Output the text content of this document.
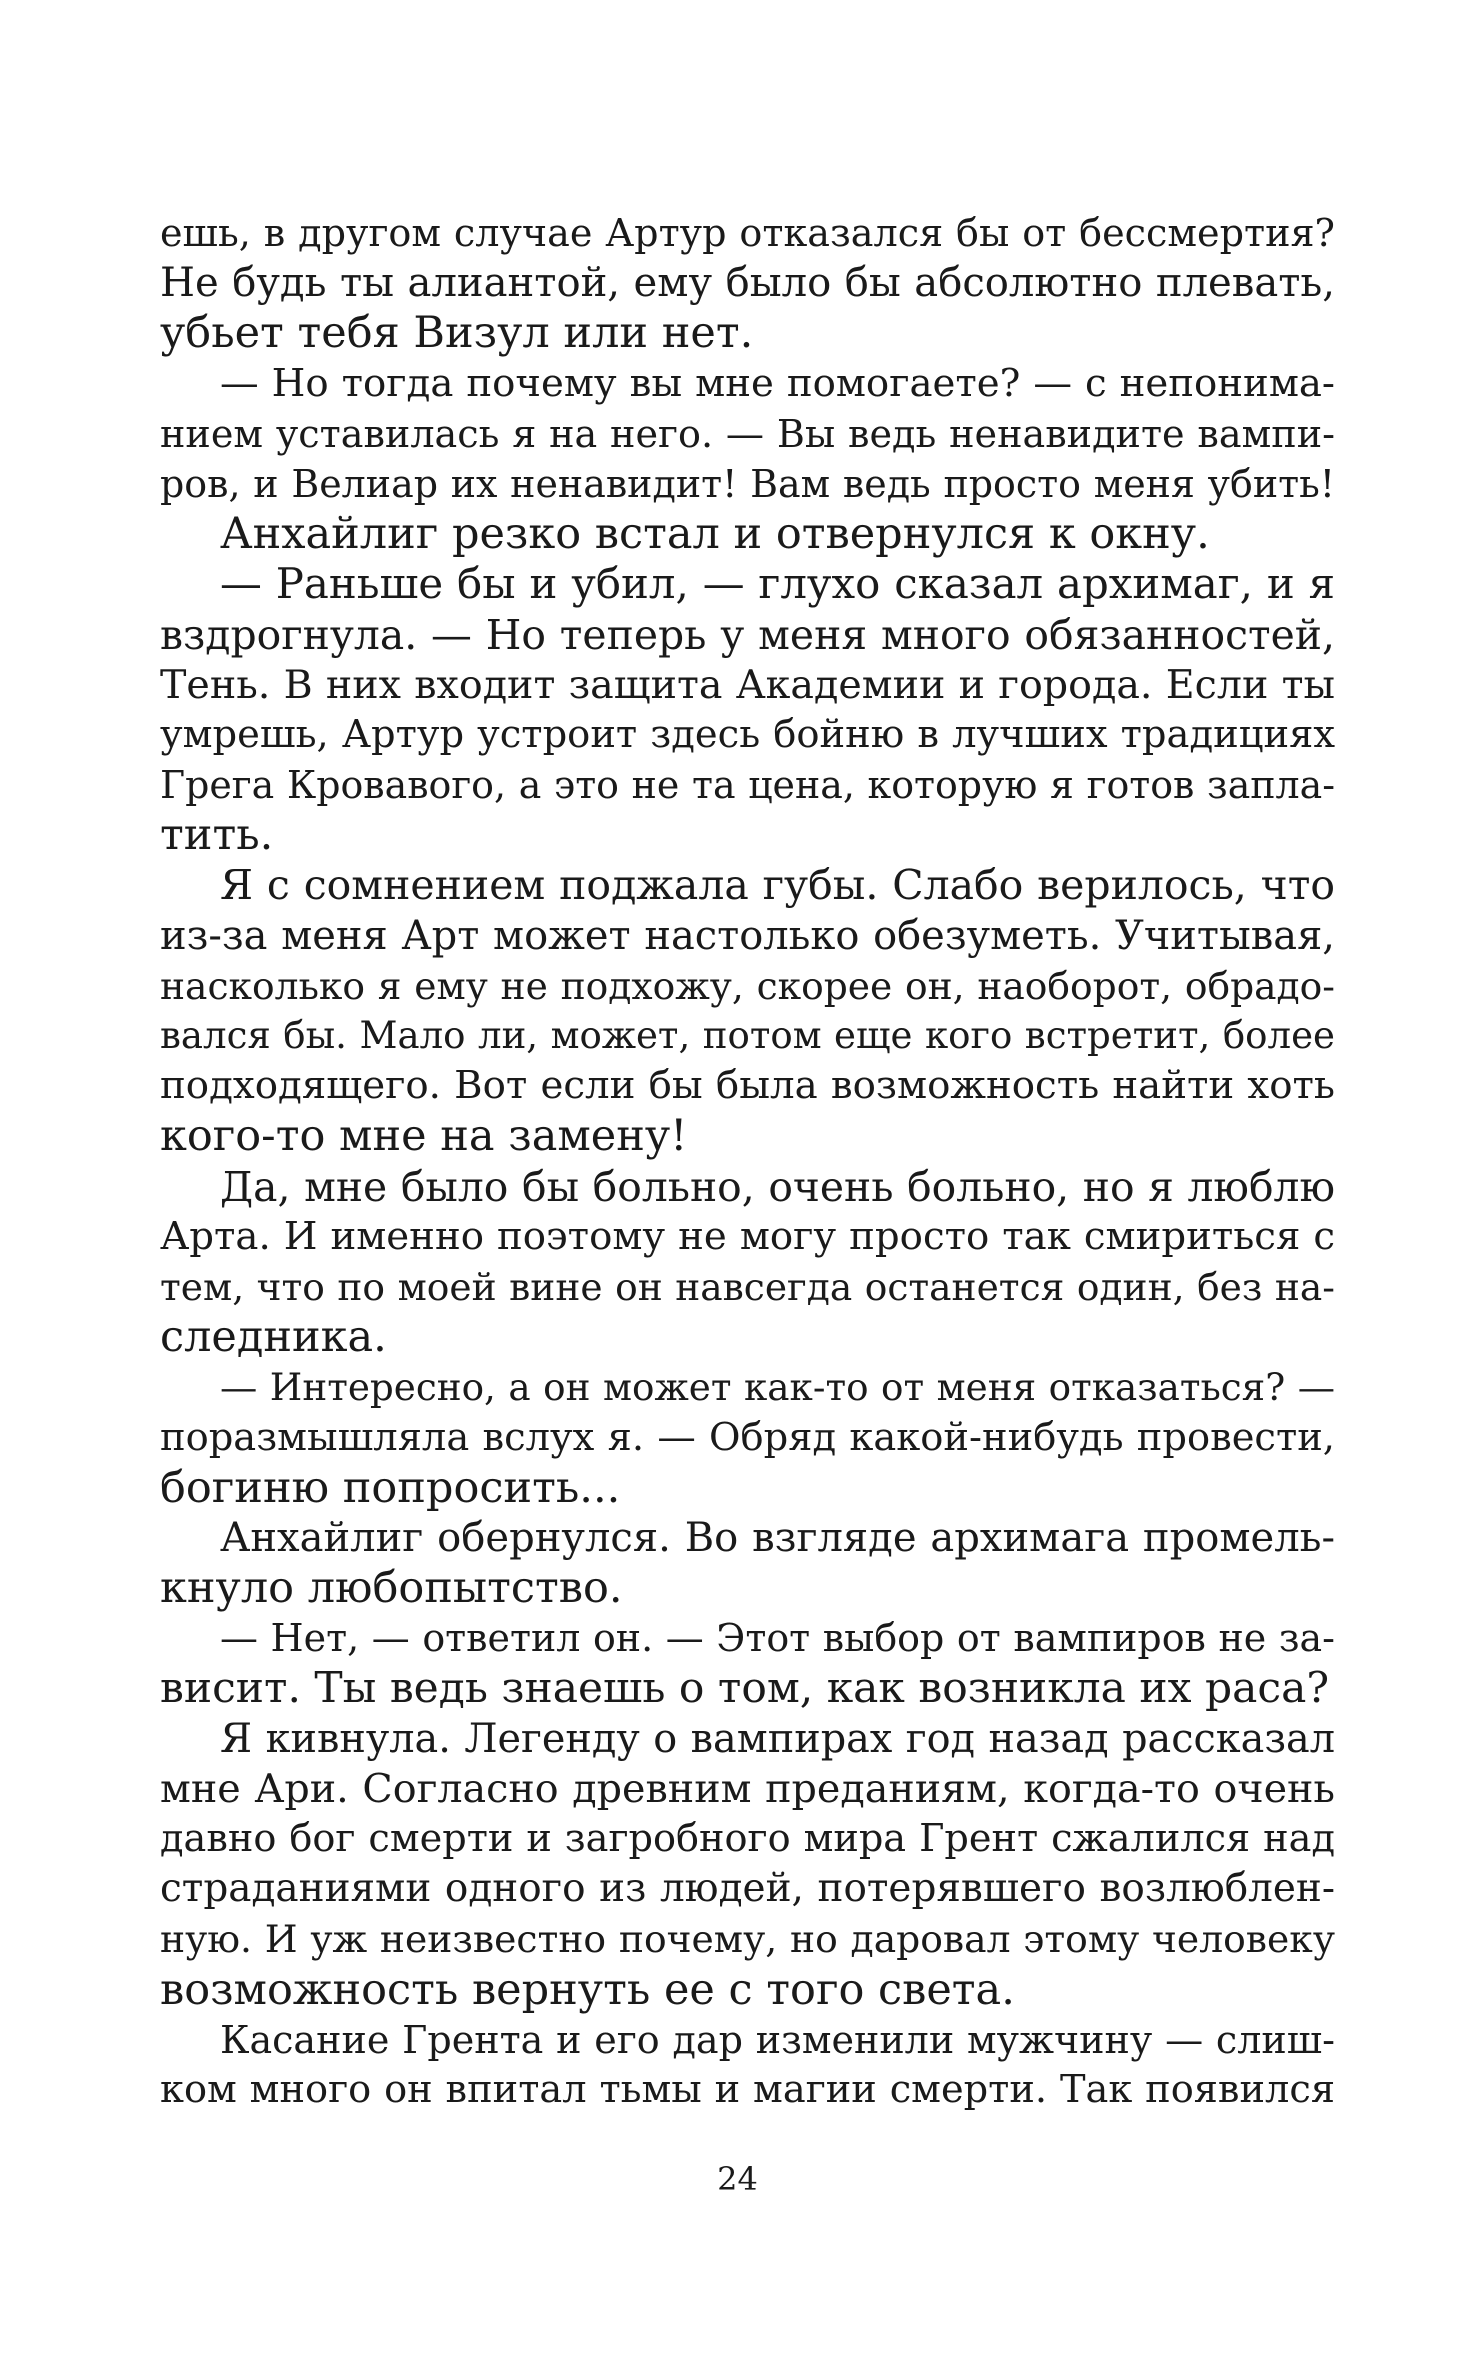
ешь, в другом случае Артур отказался бы от бессмертия?
Не будь ты алиантой, ему было бы абсолютно плевать,
убьет тебя Визул или нет.
— Но тогда почему вы мне помогаете? — с непонима-
нием уставилась я на него. — Вы ведь ненавидите вампи-
ров, и Велиар их ненавидит! Вам ведь просто меня убить!
Анхайлиг резко встал и отвернулся к окну.
— Раньше бы и убил, — глухо сказал архимаг, и я
вздрогнула. — Но теперь у меня много обязанностей,
Тень. В них входит защита Академии и города. Если ты
умрешь, Артур устроит здесь бойню в лучших традициях
Грега Кровавого, а это не та цена, которую я готов запла-
тить.
Я с сомнением поджала губы. Слабо верилось, что
из-за меня Арт может настолько обезуметь. Учитывая,
насколько я ему не подхожу, скорее он, наоборот, обрадо-
вался бы. Мало ли, может, потом еще кого встретит, более
подходящего. Вот если бы была возможность найти хоть
кого-то мне на замену!
Да, мне было бы больно, очень больно, но я люблю
Арта. И именно поэтому не могу просто так смириться с
тем, что по моей вине он навсегда останется один, без на-
следника.
— Интересно, а он может как-то от меня отказаться? —
поразмышляла вслух я. — Обряд какой-нибудь провести,
богиню попросить...
Анхайлиг обернулся. Во взгляде архимага промель-
кнуло любопытство.
— Нет, — ответил он. — Этот выбор от вампиров не за-
висит. Ты ведь знаешь о том, как возникла их раса?
Я кивнула. Легенду о вампирах год назад рассказал
мне Ари. Согласно древним преданиям, когда-то очень
давно бог смерти и загробного мира Грент сжалился над
страданиями одного из людей, потерявшего возлюблен-
ную. И уж неизвестно почему, но даровал этому человеку
возможность вернуть ее с того света.
Касание Грента и его дар изменили мужчину — слиш-
ком много он впитал тьмы и магии смерти. Так появился
24
